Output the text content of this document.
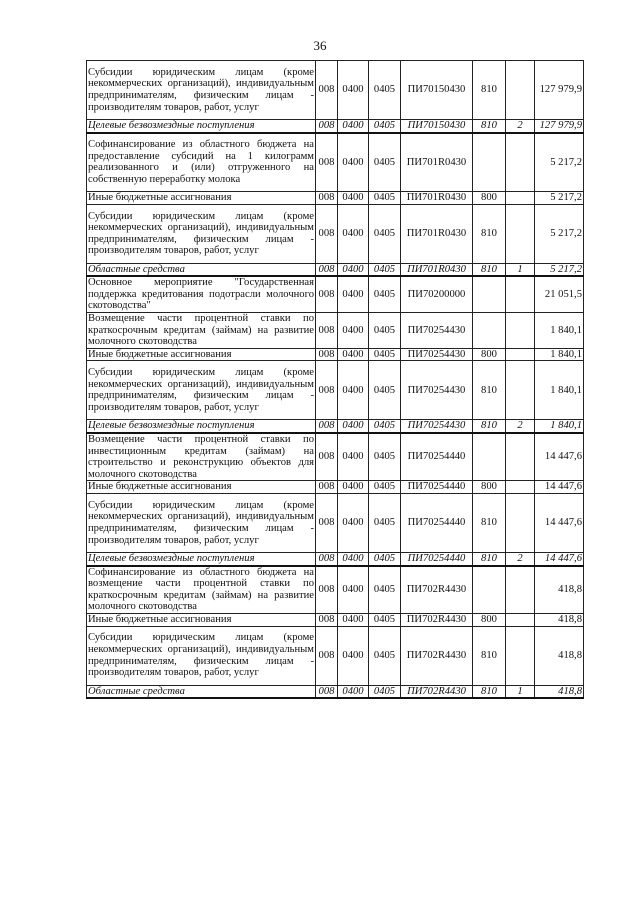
36
Субсидии юридическим лицам (кроме некоммерческих организаций), индивидуальным предпринимателям, физическим лицам - производителям товаров, работ, услуг	008	0400	0405	ПИ70150430	810		127 979,9
Целевые безвозмездные поступления	008	0400	0405	ПИ70150430	810	2	127 979,9
Софинансирование из областного бюджета на предоставление субсидий на 1 килограмм реализованного и (или) отгруженного на собственную переработку молока	008	0400	0405	ПИ701R0430			5 217,2
Иные бюджетные ассигнования	008	0400	0405	ПИ701R0430	800		5 217,2
Субсидии юридическим лицам (кроме некоммерческих организаций), индивидуальным предпринимателям, физическим лицам - производителям товаров, работ, услуг	008	0400	0405	ПИ701R0430	810		5 217,2
Областные средства	008	0400	0405	ПИ701R0430	810	1	5 217,2
Основное мероприятие "Государственная поддержка кредитования подотрасли молочного скотоводства"	008	0400	0405	ПИ70200000			21 051,5
Возмещение части процентной ставки по краткосрочным кредитам (займам) на развитие молочного скотоводства	008	0400	0405	ПИ70254430			1 840,1
Иные бюджетные ассигнования	008	0400	0405	ПИ70254430	800		1 840,1
Субсидии юридическим лицам (кроме некоммерческих организаций), индивидуальным предпринимателям, физическим лицам - производителям товаров, работ, услуг	008	0400	0405	ПИ70254430	810		1 840,1
Целевые безвозмездные поступления	008	0400	0405	ПИ70254430	810	2	1 840,1
Возмещение части процентной ставки по инвестиционным кредитам (займам) на строительство и реконструкцию объектов для молочного скотоводства	008	0400	0405	ПИ70254440			14 447,6
Иные бюджетные ассигнования	008	0400	0405	ПИ70254440	800		14 447,6
Субсидии юридическим лицам (кроме некоммерческих организаций), индивидуальным предпринимателям, физическим лицам - производителям товаров, работ, услуг	008	0400	0405	ПИ70254440	810		14 447,6
Целевые безвозмездные поступления	008	0400	0405	ПИ70254440	810	2	14 447,6
Софинансирование из областного бюджета на возмещение части процентной ставки по краткосрочным кредитам (займам) на развитие молочного скотоводства	008	0400	0405	ПИ702R4430			418,8
Иные бюджетные ассигнования	008	0400	0405	ПИ702R4430	800		418,8
Субсидии юридическим лицам (кроме некоммерческих организаций), индивидуальным предпринимателям, физическим лицам - производителям товаров, работ, услуг	008	0400	0405	ПИ702R4430	810		418,8
Областные средства	008	0400	0405	ПИ702R4430	810	1	418,8
